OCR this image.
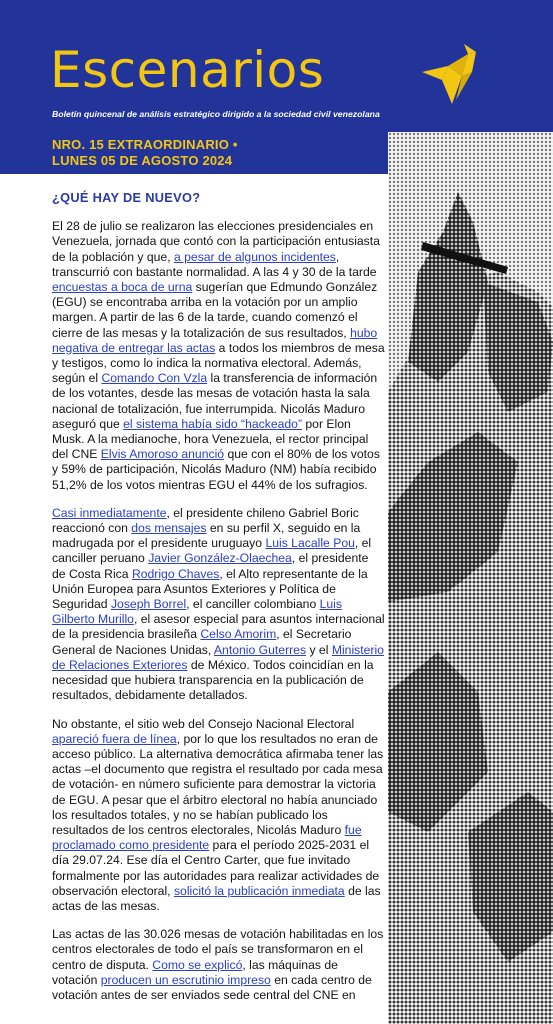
Escenarios
Boletín quincenal de análisis estratégico dirigido a la sociedad civil venezolana
NRO. 15 EXTRAORDINARIO •
LUNES 05 DE AGOSTO 2024
¿QUÉ HAY DE NUEVO?

El 28 de julio se realizaron las elecciones presidenciales en Venezuela, jornada que contó con la participación entusiasta de la población y que, a pesar de algunos incidentes, transcurrió con bastante normalidad. A las 4 y 30 de la tarde encuestas a boca de urna sugerían que Edmundo González (EGU) se encontraba arriba en la votación por un amplio margen. A partir de las 6 de la tarde, cuando comenzó el cierre de las mesas y la totalización de sus resultados, hubo negativa de entregar las actas a todos los miembros de mesa y testigos, como lo indica la normativa electoral. Además, según el Comando Con Vzla la transferencia de información de los votantes, desde las mesas de votación hasta la sala nacional de totalización, fue interrumpida. Nicolás Maduro aseguró que el sistema había sido “hackeado” por Elon Musk. A la medianoche, hora Venezuela, el rector principal del CNE Elvis Amoroso anunció que con el 80% de los votos y 59% de participación, Nicolás Maduro (NM) había recibido 51,2% de los votos mientras EGU el 44% de los sufragios.

Casi inmediatamente, el presidente chileno Gabriel Boric reaccionó con dos mensajes en su perfil X, seguido en la madrugada por el presidente uruguayo Luis Lacalle Pou, el canciller peruano Javier González-Olaechea, el presidente de Costa Rica Rodrigo Chaves, el Alto representante de la Unión Europea para Asuntos Exteriores y Política de Seguridad Joseph Borrel, el canciller colombiano Luis Gilberto Murillo, el asesor especial para asuntos internacional de la presidencia brasileña Celso Amorim, el Secretario General de Naciones Unidas, Antonio Guterres y el Ministerio de Relaciones Exteriores de México. Todos coincidían en la necesidad que hubiera transparencia en la publicación de resultados, debidamente detallados.

No obstante, el sitio web del Consejo Nacional Electoral apareció fuera de línea, por lo que los resultados no eran de acceso público. La alternativa democrática afirmaba tener las actas –el documento que registra el resultado por cada mesa de votación- en número suficiente para demostrar la victoria de EGU. A pesar que el árbitro electoral no había anunciado los resultados totales, y no se habían publicado los resultados de los centros electorales, Nicolás Maduro fue proclamado como presidente para el período 2025-2031 el día 29.07.24. Ese día el Centro Carter, que fue invitado formalmente por las autoridades para realizar actividades de observación electoral, solicitó la publicación inmediata de las actas de las mesas.

Las actas de las 30.026 mesas de votación habilitadas en los centros electorales de todo el país se transformaron en el centro de disputa. Como se explicó, las máquinas de votación producen un escrutinio impreso en cada centro de votación antes de ser enviados sede central del CNE en
